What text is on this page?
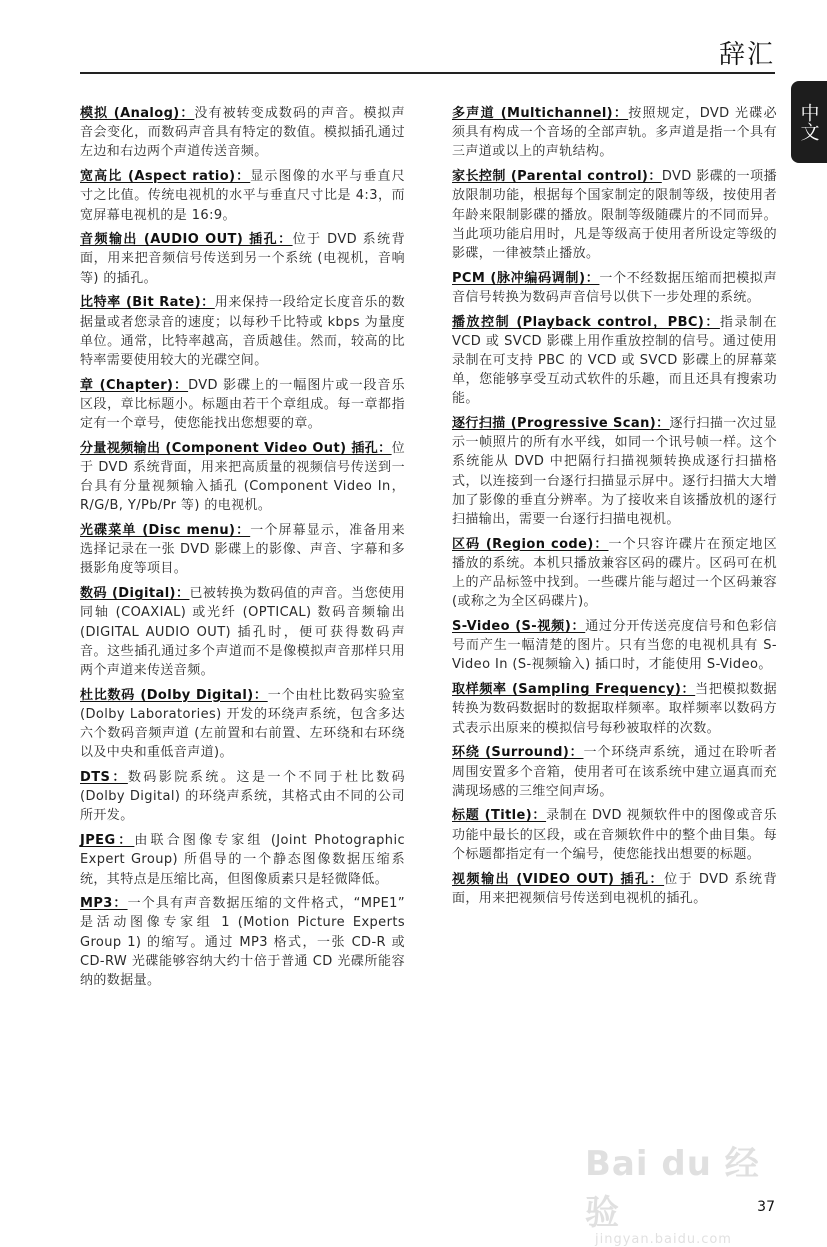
辞汇
中文

模拟 (Analog)：没有被转变成数码的声音。模拟声音会变化，而数码声音具有特定的数值。模拟插孔通过左边和右边两个声道传送音频。

宽高比 (Aspect ratio)：显示图像的水平与垂直尺寸之比值。传统电视机的水平与垂直尺寸比是 4:3，而宽屏幕电视机的是 16:9。

音频输出 (AUDIO OUT) 插孔：位于 DVD 系统背面，用来把音频信号传送到另一个系统 (电视机，音响等) 的插孔。

比特率 (Bit Rate)：用来保持一段给定长度音乐的数据量或者您录音的速度；以每秒千比特或 kbps 为量度单位。通常，比特率越高，音质越佳。然而，较高的比特率需要使用较大的光碟空间。

章 (Chapter)：DVD 影碟上的一幅图片或一段音乐区段，章比标题小。标题由若干个章组成。每一章都指定有一个章号，使您能找出您想要的章。

分量视频输出 (Component Video Out) 插孔：位于 DVD 系统背面，用来把高质量的视频信号传送到一台具有分量视频输入插孔 (Component Video In，R/G/B, Y/Pb/Pr 等) 的电视机。

光碟菜单 (Disc menu)：一个屏幕显示，准备用来选择记录在一张 DVD 影碟上的影像、声音、字幕和多摄影角度等项目。

数码 (Digital)：已被转换为数码值的声音。当您使用同轴 (COAXIAL) 或光纤 (OPTICAL) 数码音频输出 (DIGITAL AUDIO OUT) 插孔时，便可获得数码声音。这些插孔通过多个声道而不是像模拟声音那样只用两个声道来传送音频。

杜比数码 (Dolby Digital)：一个由杜比数码实验室 (Dolby Laboratories) 开发的环绕声系统，包含多达六个数码音频声道 (左前置和右前置、左环绕和右环绕以及中央和重低音声道)。

DTS：数码影院系统。这是一个不同于杜比数码 (Dolby Digital) 的环绕声系统，其格式由不同的公司所开发。

JPEG：由联合图像专家组 (Joint Photographic Expert Group) 所倡导的一个静态图像数据压缩系统，其特点是压缩比高，但图像质素只是轻微降低。

MP3：一个具有声音数据压缩的文件格式，“MPE1” 是活动图像专家组 1 (Motion Picture Experts Group 1) 的缩写。通过 MP3 格式，一张 CD-R 或 CD-RW 光碟能够容纳大约十倍于普通 CD 光碟所能容纳的数据量。

多声道 (Multichannel)：按照规定，DVD 光碟必须具有构成一个音场的全部声轨。多声道是指一个具有三声道或以上的声轨结构。

家长控制 (Parental control)：DVD 影碟的一项播放限制功能，根据每个国家制定的限制等级，按使用者年龄来限制影碟的播放。限制等级随碟片的不同而异。当此项功能启用时，凡是等级高于使用者所设定等级的影碟，一律被禁止播放。

PCM (脉冲编码调制)：一个不经数据压缩而把模拟声音信号转换为数码声音信号以供下一步处理的系统。

播放控制 (Playback control，PBC)：指录制在 VCD 或 SVCD 影碟上用作重放控制的信号。通过使用录制在可支持 PBC 的 VCD 或 SVCD 影碟上的屏幕菜单，您能够享受互动式软件的乐趣，而且还具有搜索功能。

逐行扫描 (Progressive Scan)：逐行扫描一次过显示一帧照片的所有水平线，如同一个讯号帧一样。这个系统能从 DVD 中把隔行扫描视频转换成逐行扫描格式，以连接到一台逐行扫描显示屏中。逐行扫描大大增加了影像的垂直分辨率。为了接收来自该播放机的逐行扫描输出，需要一台逐行扫描电视机。

区码 (Region code)：一个只容许碟片在预定地区播放的系统。本机只播放兼容区码的碟片。区码可在机上的产品标签中找到。一些碟片能与超过一个区码兼容 (或称之为全区码碟片)。

S-Video (S-视频)：通过分开传送亮度信号和色彩信号而产生一幅清楚的图片。只有当您的电视机具有 S-Video In (S-视频输入) 插口时，才能使用 S-Video。

取样频率 (Sampling Frequency)：当把模拟数据转换为数码数据时的数据取样频率。取样频率以数码方式表示出原来的模拟信号每秒被取样的次数。

环绕 (Surround)：一个环绕声系统，通过在聆听者周围安置多个音箱，使用者可在该系统中建立逼真而充满现场感的三维空间声场。

标题 (Title)：录制在 DVD 视频软件中的图像或音乐功能中最长的区段，或在音频软件中的整个曲目集。每个标题都指定有一个编号，使您能找出想要的标题。

视频输出 (VIDEO OUT) 插孔：位于 DVD 系统背面，用来把视频信号传送到电视机的插孔。

Bai du 经验
jingyan.baidu.com
37
